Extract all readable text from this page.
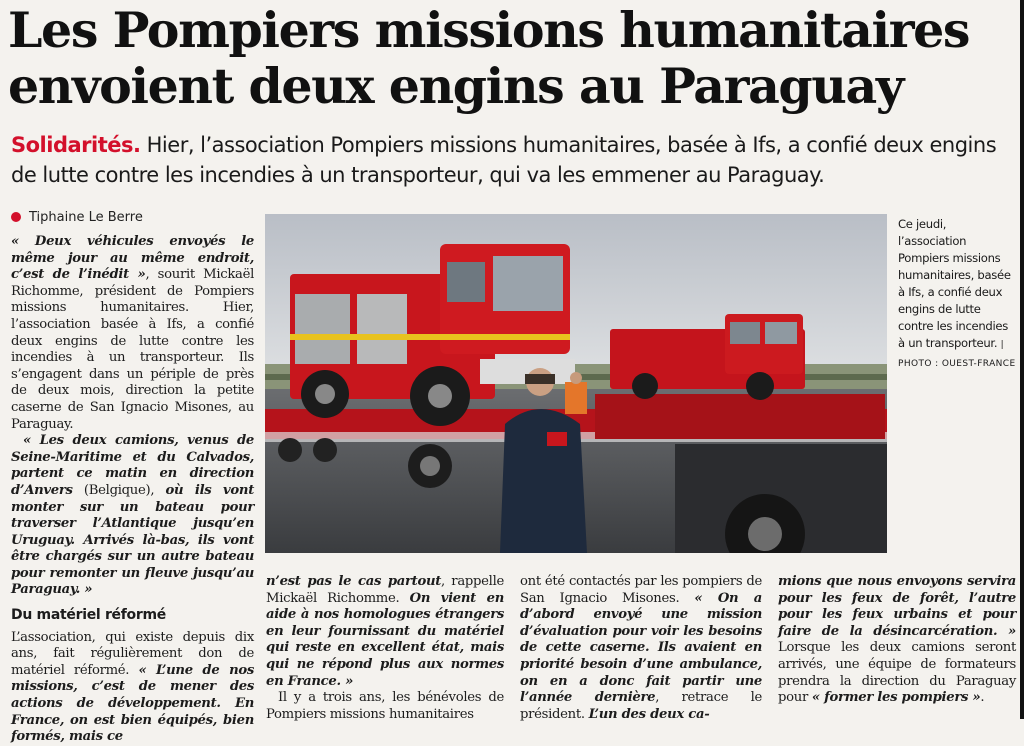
Les Pompiers missions humanitaires envoient deux engins au Paraguay

Solidarités. Hier, l’association Pompiers missions humanitaires, basée à Ifs, a confié deux engins de lutte contre les incendies à un transporteur, qui va les emmener au Paraguay.

Tiphaine Le Berre

« Deux véhicules envoyés le même jour au même endroit, c’est de l’inédit », sourit Mickaël Richomme, président de Pompiers missions humanitaires. Hier, l’association basée à Ifs, a confié deux engins de lutte contre les incendies à un transporteur. Ils s’engagent dans un périple de près de deux mois, direction la petite caserne de San Ignacio Misones, au Paraguay.

« Les deux camions, venus de Seine-Maritime et du Calvados, partent ce matin en direction d’Anvers (Belgique), où ils vont monter sur un bateau pour traverser l’Atlantique jusqu’en Uruguay. Arrivés là-bas, ils vont être chargés sur un autre bateau pour remonter un fleuve jusqu’au Paraguay. »

Du matériel réformé

L’association, qui existe depuis dix ans, fait régulièrement don de matériel réformé. « L’une de nos missions, c’est de mener des actions de développement. En France, on est bien équipés, bien formés, mais ce

n’est pas le cas partout, rappelle Mickaël Richomme. On vient en aide à nos homologues étrangers en leur fournissant du matériel qui reste en excellent état, mais qui ne répond plus aux normes en France. »

Il y a trois ans, les bénévoles de Pompiers missions humanitaires

ont été contactés par les pompiers de San Ignacio Misones. « On a d’abord envoyé une mission d’évaluation pour voir les besoins de cette caserne. Ils avaient en priorité besoin d’une ambulance, on en a donc fait partir une l’année dernière, retrace le président. L’un des deux ca-

mions que nous envoyons servira pour les feux de forêt, l’autre pour les feux urbains et pour faire de la désincarcération. » Lorsque les deux camions seront arrivés, une équipe de formateurs prendra la direction du Paraguay pour « former les pompiers ».

Ce jeudi, l’association Pompiers missions humanitaires, basée à Ifs, a confié deux engins de lutte contre les incendies à un transporteur. | PHOTO : OUEST-FRANCE
